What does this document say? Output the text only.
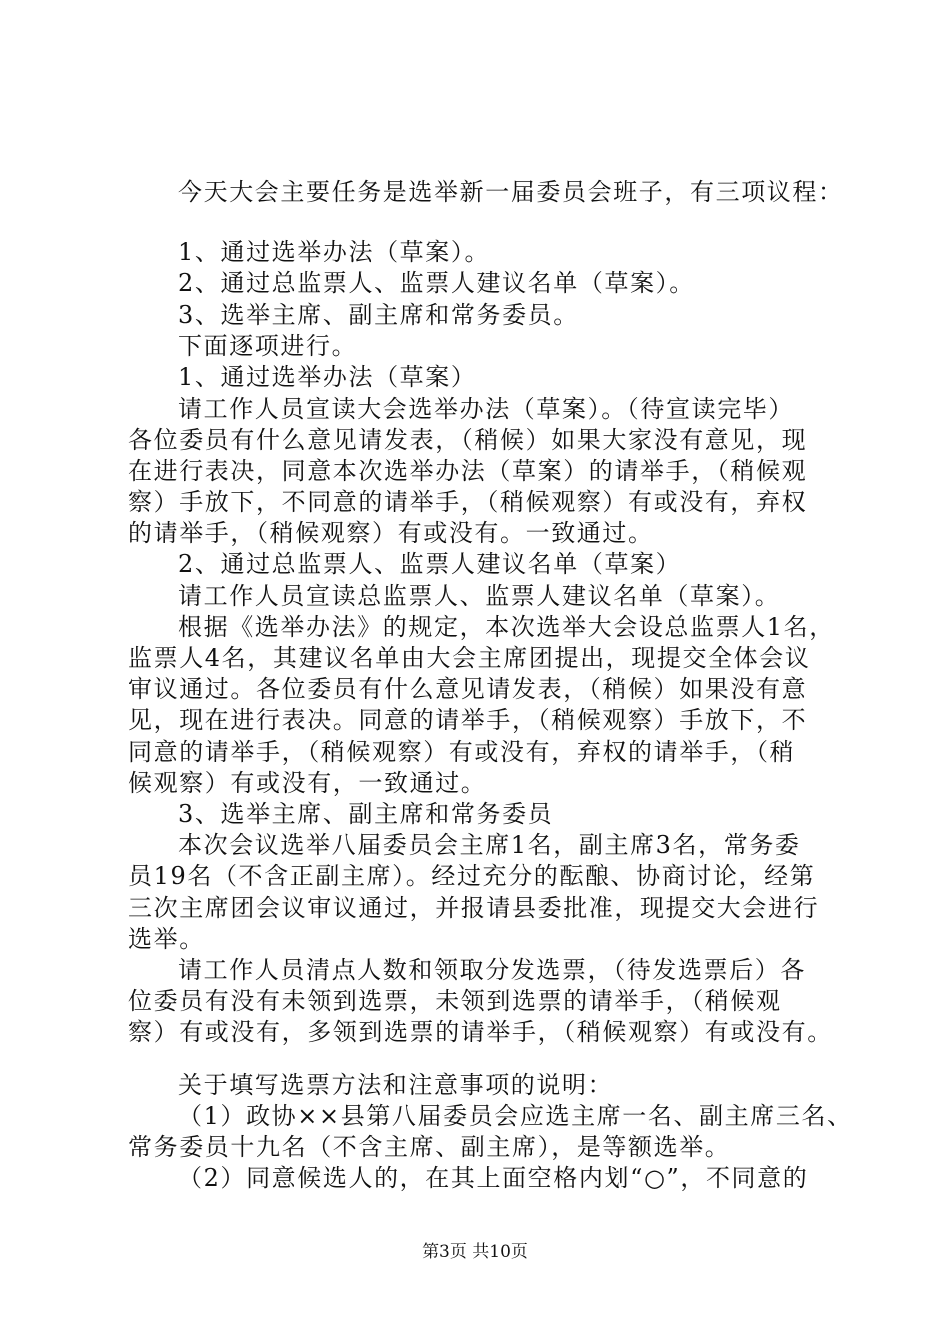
今天大会主要任务是选举新一届委员会班子，有三项议程：
1、通过选举办法（草案）。
2、通过总监票人、监票人建议名单（草案）。
3、选举主席、副主席和常务委员。
下面逐项进行。
1、通过选举办法（草案）
请工作人员宣读大会选举办法（草案）。（待宣读完毕）
各位委员有什么意见请发表，（稍候）如果大家没有意见，现
在进行表决，同意本次选举办法（草案）的请举手，（稍候观
察）手放下，不同意的请举手，（稍候观察）有或没有，弃权
的请举手，（稍候观察）有或没有。一致通过。
2、通过总监票人、监票人建议名单（草案）
请工作人员宣读总监票人、监票人建议名单（草案）。
根据《选举办法》的规定，本次选举大会设总监票人1名，
监票人4名，其建议名单由大会主席团提出，现提交全体会议
审议通过。各位委员有什么意见请发表，（稍候）如果没有意
见，现在进行表决。同意的请举手，（稍候观察）手放下，不
同意的请举手，（稍候观察）有或没有，弃权的请举手，（稍
候观察）有或没有，一致通过。
3、选举主席、副主席和常务委员
本次会议选举八届委员会主席1名，副主席3名，常务委
员19名（不含正副主席）。经过充分的酝酿、协商讨论，经第
三次主席团会议审议通过，并报请县委批准，现提交大会进行
选举。
请工作人员清点人数和领取分发选票，（待发选票后）各
位委员有没有未领到选票，未领到选票的请举手，（稍候观
察）有或没有，多领到选票的请举手，（稍候观察）有或没有。
关于填写选票方法和注意事项的说明：
（1）政协××县第八届委员会应选主席一名、副主席三名、
常务委员十九名（不含主席、副主席），是等额选举。
（2）同意候选人的，在其上面空格内划“○”，不同意的
第3页 共10页
